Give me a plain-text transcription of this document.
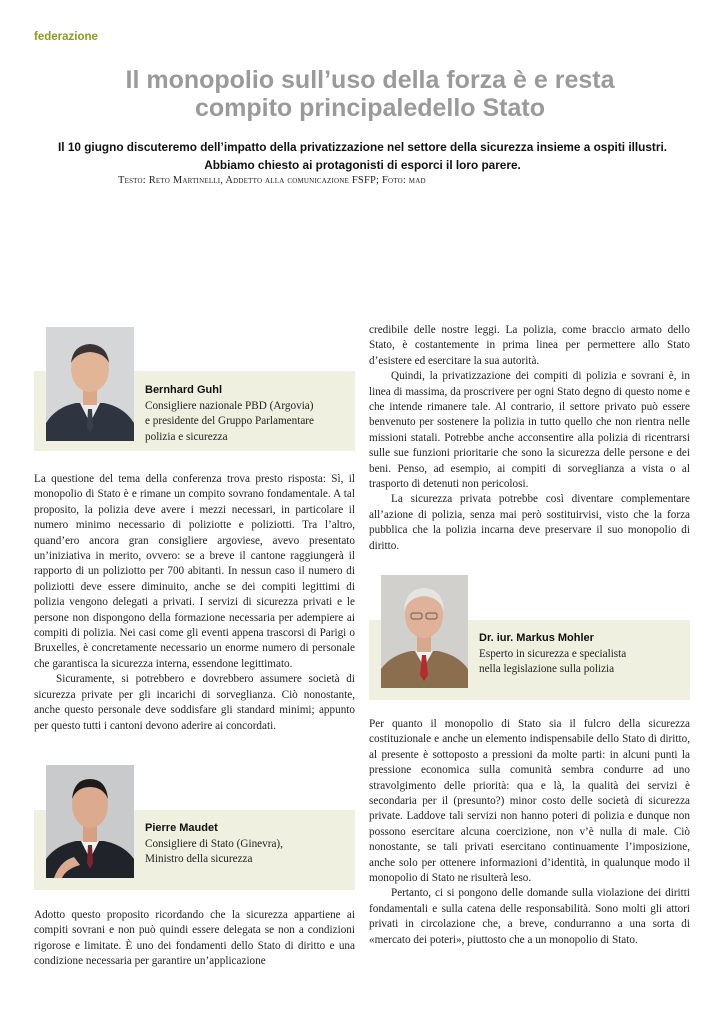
federazione
Il monopolio sull’uso della forza è e resta
compito principaledello Stato
Il 10 giugno discuteremo dell’impatto della privatizzazione nel settore della sicurezza insieme a ospiti illustri.
Abbiamo chiesto ai protagonisti di esporci il loro parere.
Testo: Reto Martinelli, Addetto alla comunicazione FSFP; Foto: mad
Bernhard Guhl
Consigliere nazionale PBD (Argovia)
e presidente del Gruppo Parlamentare
polizia e sicurezza

La questione del tema della conferenza trova presto risposta: Sì, il monopolio di Stato è e rimane un compito sovrano fondamentale. A tal proposito, la polizia deve avere i mezzi necessari, in particolare il numero minimo necessario di poliziotte e poliziotti. Tra l’altro, quand’ero ancora gran consigliere argoviese, avevo presentato un’iniziativa in merito, ovvero: se a breve il cantone raggiungerà il rapporto di un poliziotto per 700 abitanti. In nessun caso il numero di poliziotti deve essere diminuito, anche se dei compiti legittimi di polizia vengono delegati a privati. I servizi di sicurezza privati e le persone non dispongono della formazione necessaria per adempiere ai compiti di polizia. Nei casi come gli eventi appena trascorsi di Parigi o Bruxelles, è concretamente necessario un enorme numero di personale che garantisca la sicurezza interna, essendone legittimato.

Sicuramente, si potrebbero e dovrebbero assumere società di sicurezza private per gli incarichi di sorveglianza. Ciò nonostante, anche questo personale deve soddisfare gli standard minimi; appunto per questo tutti i cantoni devono aderire ai concordati.

Pierre Maudet
Consigliere di Stato (Ginevra),
Ministro della sicurezza

Adotto questo proposito ricordando che la sicurezza appartiene ai compiti sovrani e non può quindi essere delegata se non a condizioni rigorose e limitate. È uno dei fondamenti dello Stato di diritto e una condizione necessaria per garantire un’applicazione

credibile delle nostre leggi. La polizia, come braccio armato dello Stato, è costantemente in prima linea per permettere allo Stato d’esistere ed esercitare la sua autorità.

Quindi, la privatizzazione dei compiti di polizia e sovrani è, in linea di massima, da proscrivere per ogni Stato degno di questo nome e che intende rimanere tale. Al contrario, il settore privato può essere benvenuto per sostenere la polizia in tutto quello che non rientra nelle missioni statali. Potrebbe anche acconsentire alla polizia di ricentrarsi sulle sue funzioni prioritarie che sono la sicurezza delle persone e dei beni. Penso, ad esempio, ai compiti di sorveglianza a vista o al trasporto di detenuti non pericolosi.

La sicurezza privata potrebbe così diventare complementare all’azione di polizia, senza mai però sostituirvisi, visto che la forza pubblica che la polizia incarna deve preservare il suo monopolio di diritto.

Dr. iur. Markus Mohler
Esperto in sicurezza e specialista
nella legislazione sulla polizia

Per quanto il monopolio di Stato sia il fulcro della sicurezza costituzionale e anche un elemento indispensabile dello Stato di diritto, al presente è sottoposto a pressioni da molte parti: in alcuni punti la pressione economica sulla comunità sembra condurre ad uno stravolgimento delle priorità: qua e là, la qualità dei servizi è secondaria per il (presunto?) minor costo delle società di sicurezza private. Laddove tali servizi non hanno poteri di polizia e dunque non possono esercitare alcuna coercizione, non v’è nulla di male. Ciò nonostante, se tali privati esercitano continuamente l’imposizione, anche solo per ottenere informazioni d’identità, in qualunque modo il monopolio di Stato ne risulterà leso.

Pertanto, ci si pongono delle domande sulla violazione dei diritti fondamentali e sulla catena delle responsabilità. Sono molti gli attori privati in circolazione che, a breve, condurranno a una sorta di «mercato dei poteri», piuttosto che a un monopolio di Stato.
